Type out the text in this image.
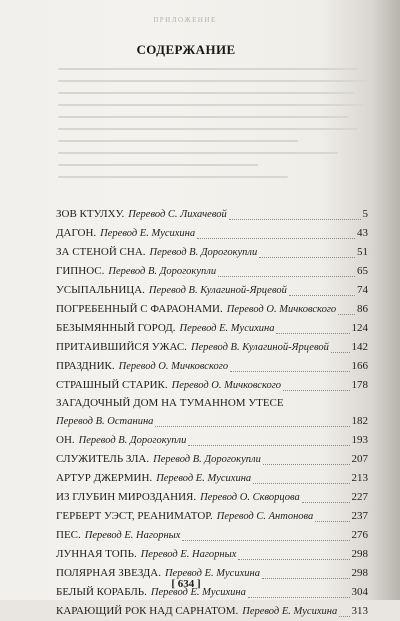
ПРИЛОЖЕНИЕ
СОДЕРЖАНИЕ
ЗОВ КТУЛХУ. Перевод С. Лихачевой	5
ДАГОН. Перевод Е. Мусихина	43
ЗА СТЕНОЙ СНА. Перевод В. Дорогокупли	51
ГИПНОС. Перевод В. Дорогокупли	65
УСЫПАЛЬНИЦА. Перевод В. Кулагиной-Ярцевой	74
ПОГРЕБЕННЫЙ С ФАРАОНАМИ. Перевод О. Мичковского 86
БЕЗЫМЯННЫЙ ГОРОД. Перевод Е. Мусихина	124
ПРИТАИВШИЙСЯ УЖАС. Перевод В. Кулагиной-Ярцевой 142
ПРАЗДНИК. Перевод О. Мичковского	166
СТРАШНЫЙ СТАРИК. Перевод О. Мичковского	178
ЗАГАДОЧНЫЙ ДОМ НА ТУМАННОМ УТЕСЕ
Перевод В. Останина	182
ОН. Перевод В. Дорогокупли	193
СЛУЖИТЕЛЬ ЗЛА. Перевод В. Дорогокупли	207
АРТУР ДЖЕРМИН. Перевод Е. Мусихина	213
ИЗ ГЛУБИН МИРОЗДАНИЯ. Перевод О. Скворцова	227
ГЕРБЕРТ УЭСТ, РЕАНИМАТОР. Перевод С. Антонова	237
ПЕС. Перевод Е. Нагорных	276
ЛУННАЯ ТОПЬ. Перевод Е. Нагорных	298
ПОЛЯРНАЯ ЗВЕЗДА. Перевод Е. Мусихина	298
БЕЛЫЙ КОРАБЛЬ. Перевод Е. Мусихина	304
КАРАЮЩИЙ РОК НАД САРНАТОМ. Перевод Е. Мусихина 313
[ 634 ]
